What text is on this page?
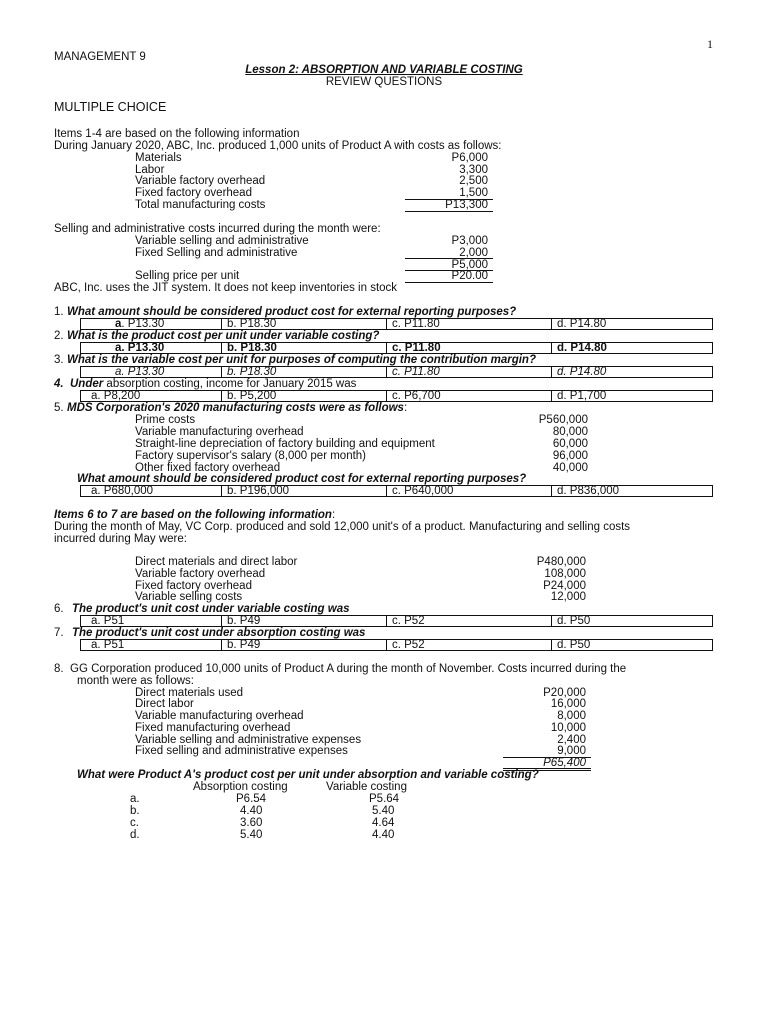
1
MANAGEMENT 9
Lesson 2: ABSORPTION AND VARIABLE COSTING
REVIEW QUESTIONS
MULTIPLE CHOICE
Items 1-4 are based on the following information
During January 2020, ABC, Inc. produced 1,000 units of Product A with costs as follows:
Materials	P6,000
Labor	3,300
Variable factory overhead	2,500
Fixed factory overhead	1,500
Total manufacturing costs	P13,300
Selling and administrative costs incurred during the month were:
Variable selling and administrative	P3,000
Fixed Selling and administrative	2,000
P5,000
Selling price per unit	P20.00
ABC, Inc. uses the JIT system. It does not keep inventories in stock
1. What amount should be considered product cost for external reporting purposes?
a. P13.30	b. P18.30	c. P11.80	d. P14.80
2. What is the product cost per unit under variable costing?
a. P13.30	b. P18.30	c. P11.80	d. P14.80
3. What is the variable cost per unit for purposes of computing the contribution margin?
a. P13.30	b. P18.30	c. P11.80	d. P14.80
4. Under absorption costing, income for January 2015 was
a. P8,200	b. P5,200	c. P6,700	d. P1,700
5. MDS Corporation's 2020 manufacturing costs were as follows:
Prime costs	P560,000
Variable manufacturing overhead	80,000
Straight-line depreciation of factory building and equipment	60,000
Factory supervisor's salary (8,000 per month)	96,000
Other fixed factory overhead	40,000
What amount should be considered product cost for external reporting purposes?
a. P680,000	b. P196,000	c. P640,000	d. P836,000
Items 6 to 7 are based on the following information:
During the month of May, VC Corp. produced and sold 12,000 unit's of a product. Manufacturing and selling costs
incurred during May were:
Direct materials and direct labor	P480,000
Variable factory overhead	108,000
Fixed factory overhead	P24,000
Variable selling costs	12,000
6. The product's unit cost under variable costing was
a. P51	b. P49	c. P52	d. P50
7. The product's unit cost under absorption costing was
a. P51	b. P49	c. P52	d. P50
8. GG Corporation produced 10,000 units of Product A during the month of November. Costs incurred during the
month were as follows:
Direct materials used	P20,000
Direct labor	16,000
Variable manufacturing overhead	8,000
Fixed manufacturing overhead	10,000
Variable selling and administrative expenses	2,400
Fixed selling and administrative expenses	9,000
P65,400
What were Product A's product cost per unit under absorption and variable costing?
Absorption costing	Variable costing
a.	P6.54	P5.64
b.	4.40	5.40
c.	3.60	4.64
d.	5.40	4.40
